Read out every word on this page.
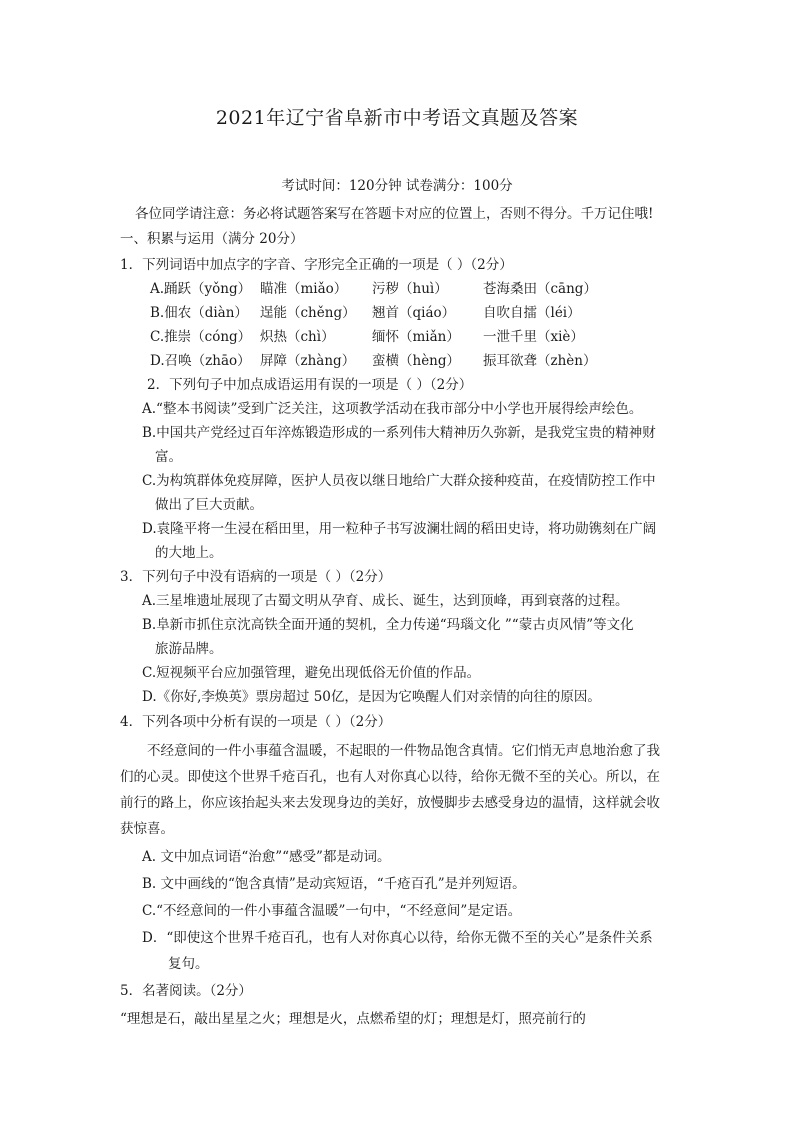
2021年辽宁省阜新市中考语文真题及答案
考试时间：120分钟 试卷满分：100分
各位同学请注意：务必将试题答案写在答题卡对应的位置上，否则不得分。千万记住哦!
一、积累与运用（满分 20分）
1．下列词语中加点字的字音、字形完全正确的一项是（ ）（2分）
A.踊跃（yǒng） 瞄准（miǎo） 污秽（huì）	苍海桑田（cāng）
B.佃农（diàn） 逞能（chěng） 翘首（qiáo） 自吹自擂（léi）
C.推崇（cóng） 炽热（chì）	缅怀（miǎn） 一泄千里（xiè）
D.召唤（zhāo） 屏障（zhàng） 蛮横（hèng） 振耳欲聋（zhèn）
2．下列句子中加点成语运用有误的一项是（ ）（2分）
A.“整本书阅读”受到广泛关注，这项教学活动在我市部分中小学也开展得绘声绘色。
B.中国共产党经过百年淬炼锻造形成的一系列伟大精神历久弥新，是我党宝贵的精神财
富。
C.为构筑群体免疫屏障，医护人员夜以继日地给广大群众接种疫苗，在疫情防控工作中
做出了巨大贡献。
D.袁隆平将一生浸在稻田里，用一粒种子书写波澜壮阔的稻田史诗，将功勋镌刻在广阔
的大地上。
3．下列句子中没有语病的一项是（ ）（2分）
A.三星堆遗址展现了古蜀文明从孕育、成长、诞生，达到顶峰，再到衰落的过程。
B.阜新市抓住京沈高铁全面开通的契机，全力传递“玛瑙文化 ”“蒙古贞风情”等文化
旅游品牌。
C.短视频平台应加强管理，避免出现低俗无价值的作品。
D.《你好,李焕英》票房超过 50亿，是因为它唤醒人们对亲情的向往的原因。
4．下列各项中分析有误的一项是（ ）（2分）
不经意间的一件小事蕴含温暖，不起眼的一件物品饱含真情。它们悄无声息地治愈了我
们的心灵。即使这个世界千疮百孔，也有人对你真心以待，给你无微不至的关心。所以，在
前行的路上，你应该抬起头来去发现身边的美好，放慢脚步去感受身边的温情，这样就会收
获惊喜。
A. 文中加点词语“治愈”“感受”都是动词。
B. 文中画线的“饱含真情”是动宾短语，“千疮百孔”是并列短语。
C.“不经意间的一件小事蕴含温暖”一句中，“不经意间”是定语。
D．“即使这个世界千疮百孔，也有人对你真心以待，给你无微不至的关心”是条件关系
复句。
5．名著阅读。（2分）
“理想是石，敲出星星之火；理想是火，点燃希望的灯；理想是灯，照亮前行的
